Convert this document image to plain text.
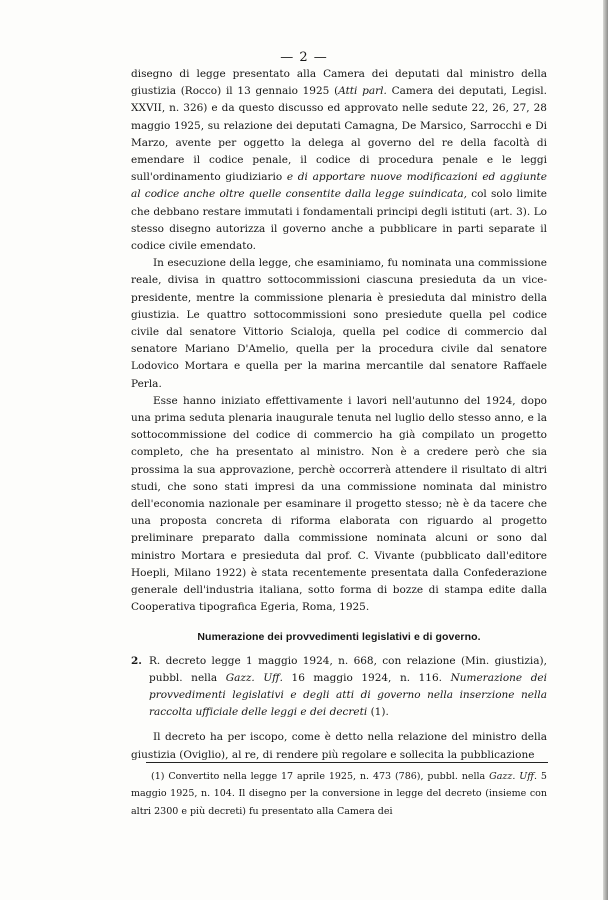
— 2 —

disegno di legge presentato alla Camera dei deputati dal ministro della giustizia (Rocco) il 13 gennaio 1925 (Atti parl. Camera dei deputati, Legisl. XXVII, n. 326) e da questo discusso ed approvato nelle sedute 22, 26, 27, 28 maggio 1925, su relazione dei deputati Camagna, De Marsico, Sarrocchi e Di Marzo, avente per oggetto la delega al governo del re della facoltà di emendare il codice penale, il codice di procedura penale e le leggi sull'ordinamento giudiziario e di apportare nuove modificazioni ed aggiunte al codice anche oltre quelle consentite dalla legge suindicata, col solo limite che debbano restare immutati i fondamentali principi degli istituti (art. 3). Lo stesso disegno autorizza il governo anche a pubblicare in parti separate il codice civile emendato.

In esecuzione della legge, che esaminiamo, fu nominata una commissione reale, divisa in quattro sottocommissioni ciascuna presieduta da un vice-presidente, mentre la commissione plenaria è presieduta dal ministro della giustizia. Le quattro sottocommissioni sono presiedute quella pel codice civile dal senatore Vittorio Scialoja, quella pel codice di commercio dal senatore Mariano D'Amelio, quella per la procedura civile dal senatore Lodovico Mortara e quella per la marina mercantile dal senatore Raffaele Perla.

Esse hanno iniziato effettivamente i lavori nell'autunno del 1924, dopo una prima seduta plenaria inaugurale tenuta nel luglio dello stesso anno, e la sottocommissione del codice di commercio ha già compilato un progetto completo, che ha presentato al ministro. Non è a credere però che sia prossima la sua approvazione, perchè occorrerà attendere il risultato di altri studi, che sono stati impresi da una commissione nominata dal ministro dell'economia nazionale per esaminare il progetto stesso; nè è da tacere che una proposta concreta di riforma elaborata con riguardo al progetto preliminare preparato dalla commissione nominata alcuni or sono dal ministro Mortara e presieduta dal prof. C. Vivante (pubblicato dall'editore Hoepli, Milano 1922) è stata recentemente presentata dalla Confederazione generale dell'industria italiana, sotto forma di bozze di stampa edite dalla Cooperativa tipografica Egeria, Roma, 1925.

Numerazione dei provvedimenti legislativi e di governo.
2. R. decreto legge 1 maggio 1924, n. 668, con relazione (Min. giustizia), pubbl. nella Gazz. Uff. 16 maggio 1924, n. 116. Numerazione dei provvedimenti legislativi e degli atti di governo nella inserzione nella raccolta ufficiale delle leggi e dei decreti (1).

Il decreto ha per iscopo, come è detto nella relazione del ministro della giustizia (Oviglio), al re, di rendere più regolare e sollecita la pubblicazione

(1) Convertito nella legge 17 aprile 1925, n. 473 (786), pubbl. nella Gazz. Uff. 5 maggio 1925, n. 104. Il disegno per la conversione in legge del decreto (insieme con altri 2300 e più decreti) fu presentato alla Camera dei
